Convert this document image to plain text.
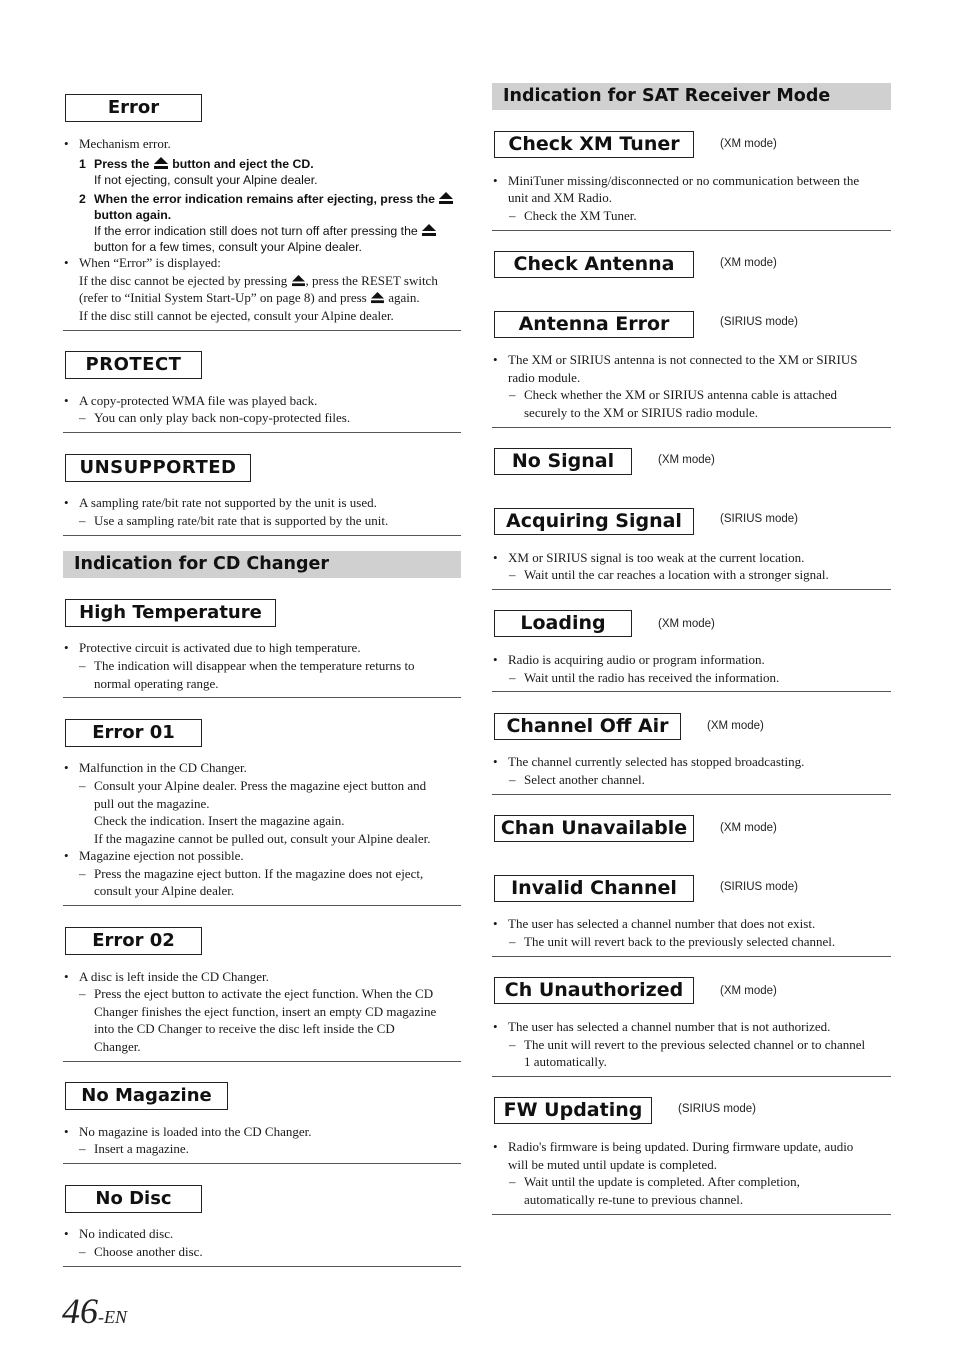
Error
• Mechanism error.
1 Press the button and eject the CD.
If not ejecting, consult your Alpine dealer.
2 When the error indication remains after ejecting, press the
button again.
If the error indication still does not turn off after pressing the
button for a few times, consult your Alpine dealer.
• When “Error” is displayed:
If the disc cannot be ejected by pressing , press the RESET switch
(refer to “Initial System Start-Up” on page 8) and press again.
If the disc still cannot be ejected, consult your Alpine dealer.
PROTECT
• A copy-protected WMA file was played back.
– You can only play back non-copy-protected files.
UNSUPPORTED
• A sampling rate/bit rate not supported by the unit is used.
– Use a sampling rate/bit rate that is supported by the unit.
Indication for CD Changer
High Temperature
• Protective circuit is activated due to high temperature.
– The indication will disappear when the temperature returns to
normal operating range.
Error 01
• Malfunction in the CD Changer.
– Consult your Alpine dealer. Press the magazine eject button and
pull out the magazine.
Check the indication. Insert the magazine again.
If the magazine cannot be pulled out, consult your Alpine dealer.
• Magazine ejection not possible.
– Press the magazine eject button. If the magazine does not eject,
consult your Alpine dealer.
Error 02
• A disc is left inside the CD Changer.
– Press the eject button to activate the eject function. When the CD
Changer finishes the eject function, insert an empty CD magazine
into the CD Changer to receive the disc left inside the CD
Changer.
No Magazine
• No magazine is loaded into the CD Changer.
– Insert a magazine.
No Disc
• No indicated disc.
– Choose another disc.
46-EN
Indication for SAT Receiver Mode
Check XM Tuner	(XM mode)
• MiniTuner missing/disconnected or no communication between the
unit and XM Radio.
– Check the XM Tuner.
Check Antenna	(XM mode)
Antenna Error	(SIRIUS mode)
• The XM or SIRIUS antenna is not connected to the XM or SIRIUS
radio module.
– Check whether the XM or SIRIUS antenna cable is attached
securely to the XM or SIRIUS radio module.
No Signal	(XM mode)
Acquiring Signal	(SIRIUS mode)
• XM or SIRIUS signal is too weak at the current location.
– Wait until the car reaches a location with a stronger signal.
Loading	(XM mode)
• Radio is acquiring audio or program information.
– Wait until the radio has received the information.
Channel Off Air	(XM mode)
• The channel currently selected has stopped broadcasting.
– Select another channel.
Chan Unavailable	(XM mode)
Invalid Channel	(SIRIUS mode)
• The user has selected a channel number that does not exist.
– The unit will revert back to the previously selected channel.
Ch Unauthorized	(XM mode)
• The user has selected a channel number that is not authorized.
– The unit will revert to the previous selected channel or to channel
1 automatically.
FW Updating	(SIRIUS mode)
• Radio's firmware is being updated. During firmware update, audio
will be muted until update is completed.
– Wait until the update is completed. After completion,
automatically re-tune to previous channel.
